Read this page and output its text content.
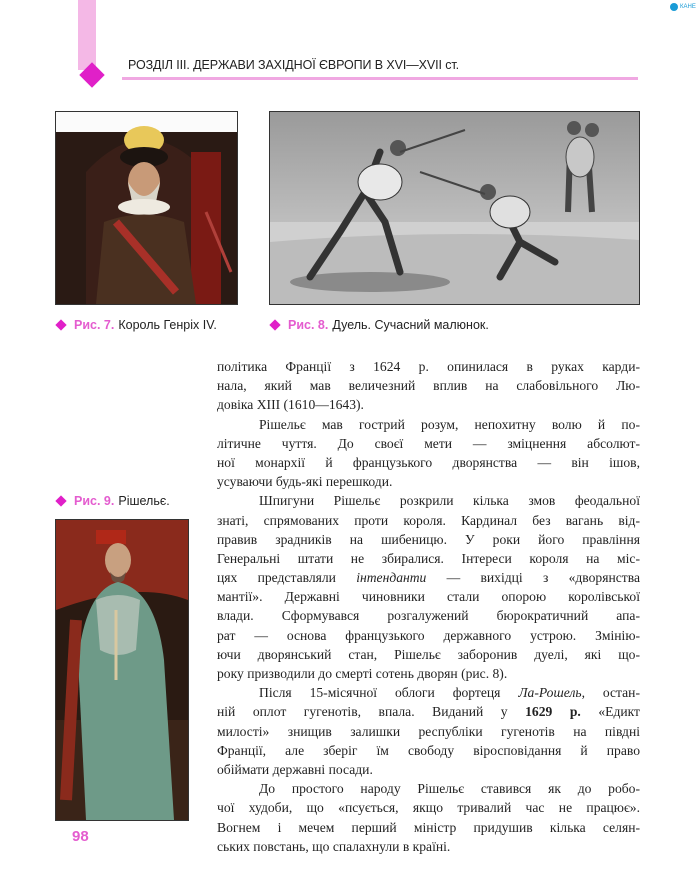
РОЗДІЛ ІІІ. ДЕРЖАВИ ЗАХІДНОЇ ЄВРОПИ В XVI—XVII ст.
КАНЕ
Рис. 7. Король Генріх IV.	Рис. 8. Дуель. Сучасний малюнок.
Рис. 9. Рішельє.
політика Франції з 1624 р. опинилася в руках карди-
нала, який мав величезний вплив на слабовільного Лю-
довіка XIII (1610—1643).
Рішельє мав гострий розум, непохитну волю й по-
літичне чуття. До своєї мети — зміцнення абсолют-
ної монархії й французького дворянства — він ішов,
усуваючи будь-які перешкоди.
Шпигуни Рішельє розкрили кілька змов феодальної
знаті, спрямованих проти короля. Кардинал без вагань від-
правив зрадників на шибеницю. У роки його правління
Генеральні штати не збиралися. Інтереси короля на міс-
цях представляли інтенданти — вихідці з «дворянства
мантії». Державні чиновники стали опорою королівської
влади. Сформувався розгалужений бюрократичний апа-
рат — основа французького державного устрою. Змінію-
ючи дворянський стан, Рішельє заборонив дуелі, які що-
року призводили до смерті сотень дворян (рис. 8).
Після 15-місячної облоги фортеця Ла-Рошель, остан-
ній оплот гугенотів, впала. Виданий у 1629 р. «Едикт
милості» знищив залишки республіки гугенотів на півдні
Франції, але зберіг їм свободу віросповідання й право
обіймати державні посади.
До простого народу Рішельє ставився як до робо-
чої худоби, що «псується, якщо тривалий час не працює».
Вогнем і мечем перший міністр придушив кілька селян-
ських повстань, що спалахнули в країні.
98
